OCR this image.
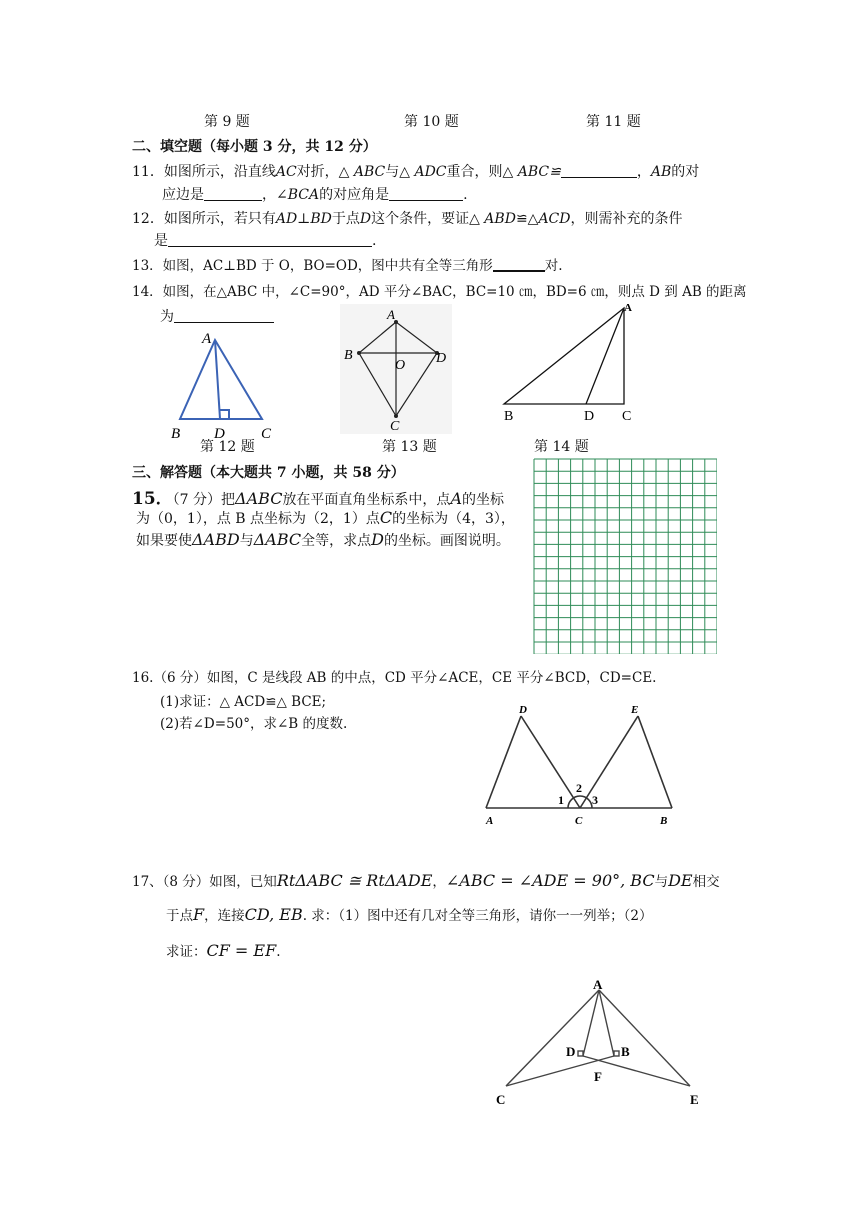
第 9 题	第 10 题	第 11 题
二、填空题（每小题 3 分，共 12 分）
11．如图所示，沿直线AC对折，△ ABC与△ ADC重合，则△ ABC≌	，AB的对
应边是	，∠BCA的对应角是	.
12．如图所示，若只有AD⊥BD于点D这个条件，要证△ ABD≌△ACD，则需补充的条件
是	.
13．如图，AC⊥BD 于 O，BO=OD，图中共有全等三角形	对.
14．如图，在△ABC 中，∠C=90°，AD 平分∠BAC，BC=10 ㎝，BD=6 ㎝，则点 D 到 AB 的距离
为
A
B D C
第 12 题
A
B
O D
C
第 13 题
A
B	D C
第 14 题
三、解答题（本大题共 7 小题，共 58 分）
15．（7 分）把ΔABC放在平面直角坐标系中，点A的坐标
为（0，1），点 B 点坐标为（2，1）点C的坐标为（4，3），
如果要使ΔABD与ΔABC全等，求点D的坐标。画图说明。
16.（6 分）如图，C 是线段 AB 的中点，CD 平分∠ACE，CE 平分∠BCD，CD=CE.
(1)求证：△ ACD≌△ BCE;
(2)若∠D=50°，求∠B 的度数.
D	E
A	C	B
1
2
3
17、（8 分）如图，已知RtΔABC ≅ RtΔADE，∠ABC = ∠ADE = 90°, BC与DE相交
于点F，连接CD, EB. 求：（1）图中还有几对全等三角形，请你一一列举；（2）
求证：CF = EF.
A
D	B
F
C	E
